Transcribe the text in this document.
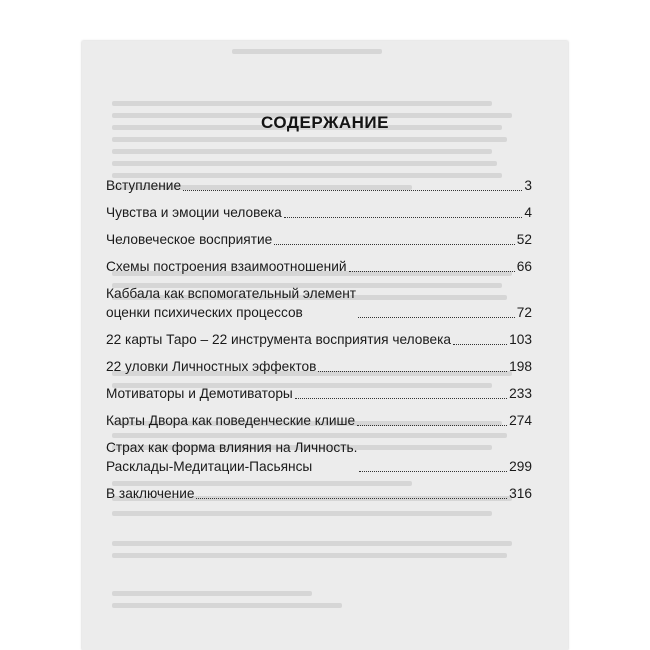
СОДЕРЖАНИЕ
Вступление	3
Чувства и эмоции человека	4
Человеческое восприятие	52
Схемы построения взаимоотношений	66
Каббала как вспомогательный элемент
оценки психических процессов	72
22 карты Таро – 22 инструмента восприятия человека	103
22 уловки Личностных эффектов	198
Мотиваторы и Демотиваторы	233
Карты Двора как поведенческие клише	274
Страх как форма влияния на Личность.
Расклады-Медитации-Пасьянсы	299
В заключение	316
